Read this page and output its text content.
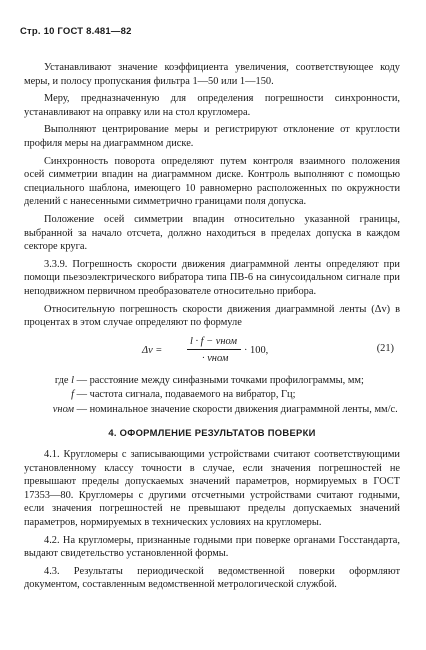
Стр. 10 ГОСТ 8.481—82

Устанавливают значение коэффициента увеличения, соответствующее коду меры, и полосу пропускания фильтра 1—50 или 1—150.

Меру, предназначенную для определения погрешности синхронности, устанавливают на оправку или на стол кругломера.

Выполняют центрирование меры и регистрируют отклонение от круглости профиля меры на диаграммном диске.

Синхронность поворота определяют путем контроля взаимного положения осей симметрии впадин на диаграммном диске. Контроль выполняют с помощью специального шаблона, имеющего 10 равномерно расположенных по окружности делений с нанесенными симметрично границами поля допуска.

Положение осей симметрии впадин относительно указанной границы, выбранной за начало отсчета, должно находиться в пределах допуска в каждом секторе круга.

3.3.9. Погрешность скорости движения диаграммной ленты определяют при помощи пьезоэлектрического вибратора типа ПВ-6 на синусоидальном сигнале при неподвижном первичном преобразователе относительно прибора.

Относительную погрешность скорости движения диаграммной ленты (Δv) в процентах в этом случае определяют по формуле

Δv =
l · f − vном
· vном
· 100,	(21)
где l — расстояние между синфазными точками профилограммы, мм;
f — частота сигнала, подаваемого на вибратор, Гц;
vном — номинальное значение скорости движения диаграммной ленты, мм/с.
4. ОФОРМЛЕНИЕ РЕЗУЛЬТАТОВ ПОВЕРКИ

4.1. Кругломеры с записывающими устройствами считают соответствующими установленному классу точности в случае, если значения погрешностей не превышают пределы допускаемых значений параметров, нормируемых в ГОСТ 17353—80. Кругломеры с другими отсчетными устройствами считают годными, если значения погрешностей не превышают пределы допускаемых значений параметров, нормируемых в технических условиях на кругломеры.

4.2. На кругломеры, признанные годными при поверке органами Госстандарта, выдают свидетельство установленной формы.

4.3. Результаты периодической ведомственной поверки оформляют документом, составленным ведомственной метрологической службой.
